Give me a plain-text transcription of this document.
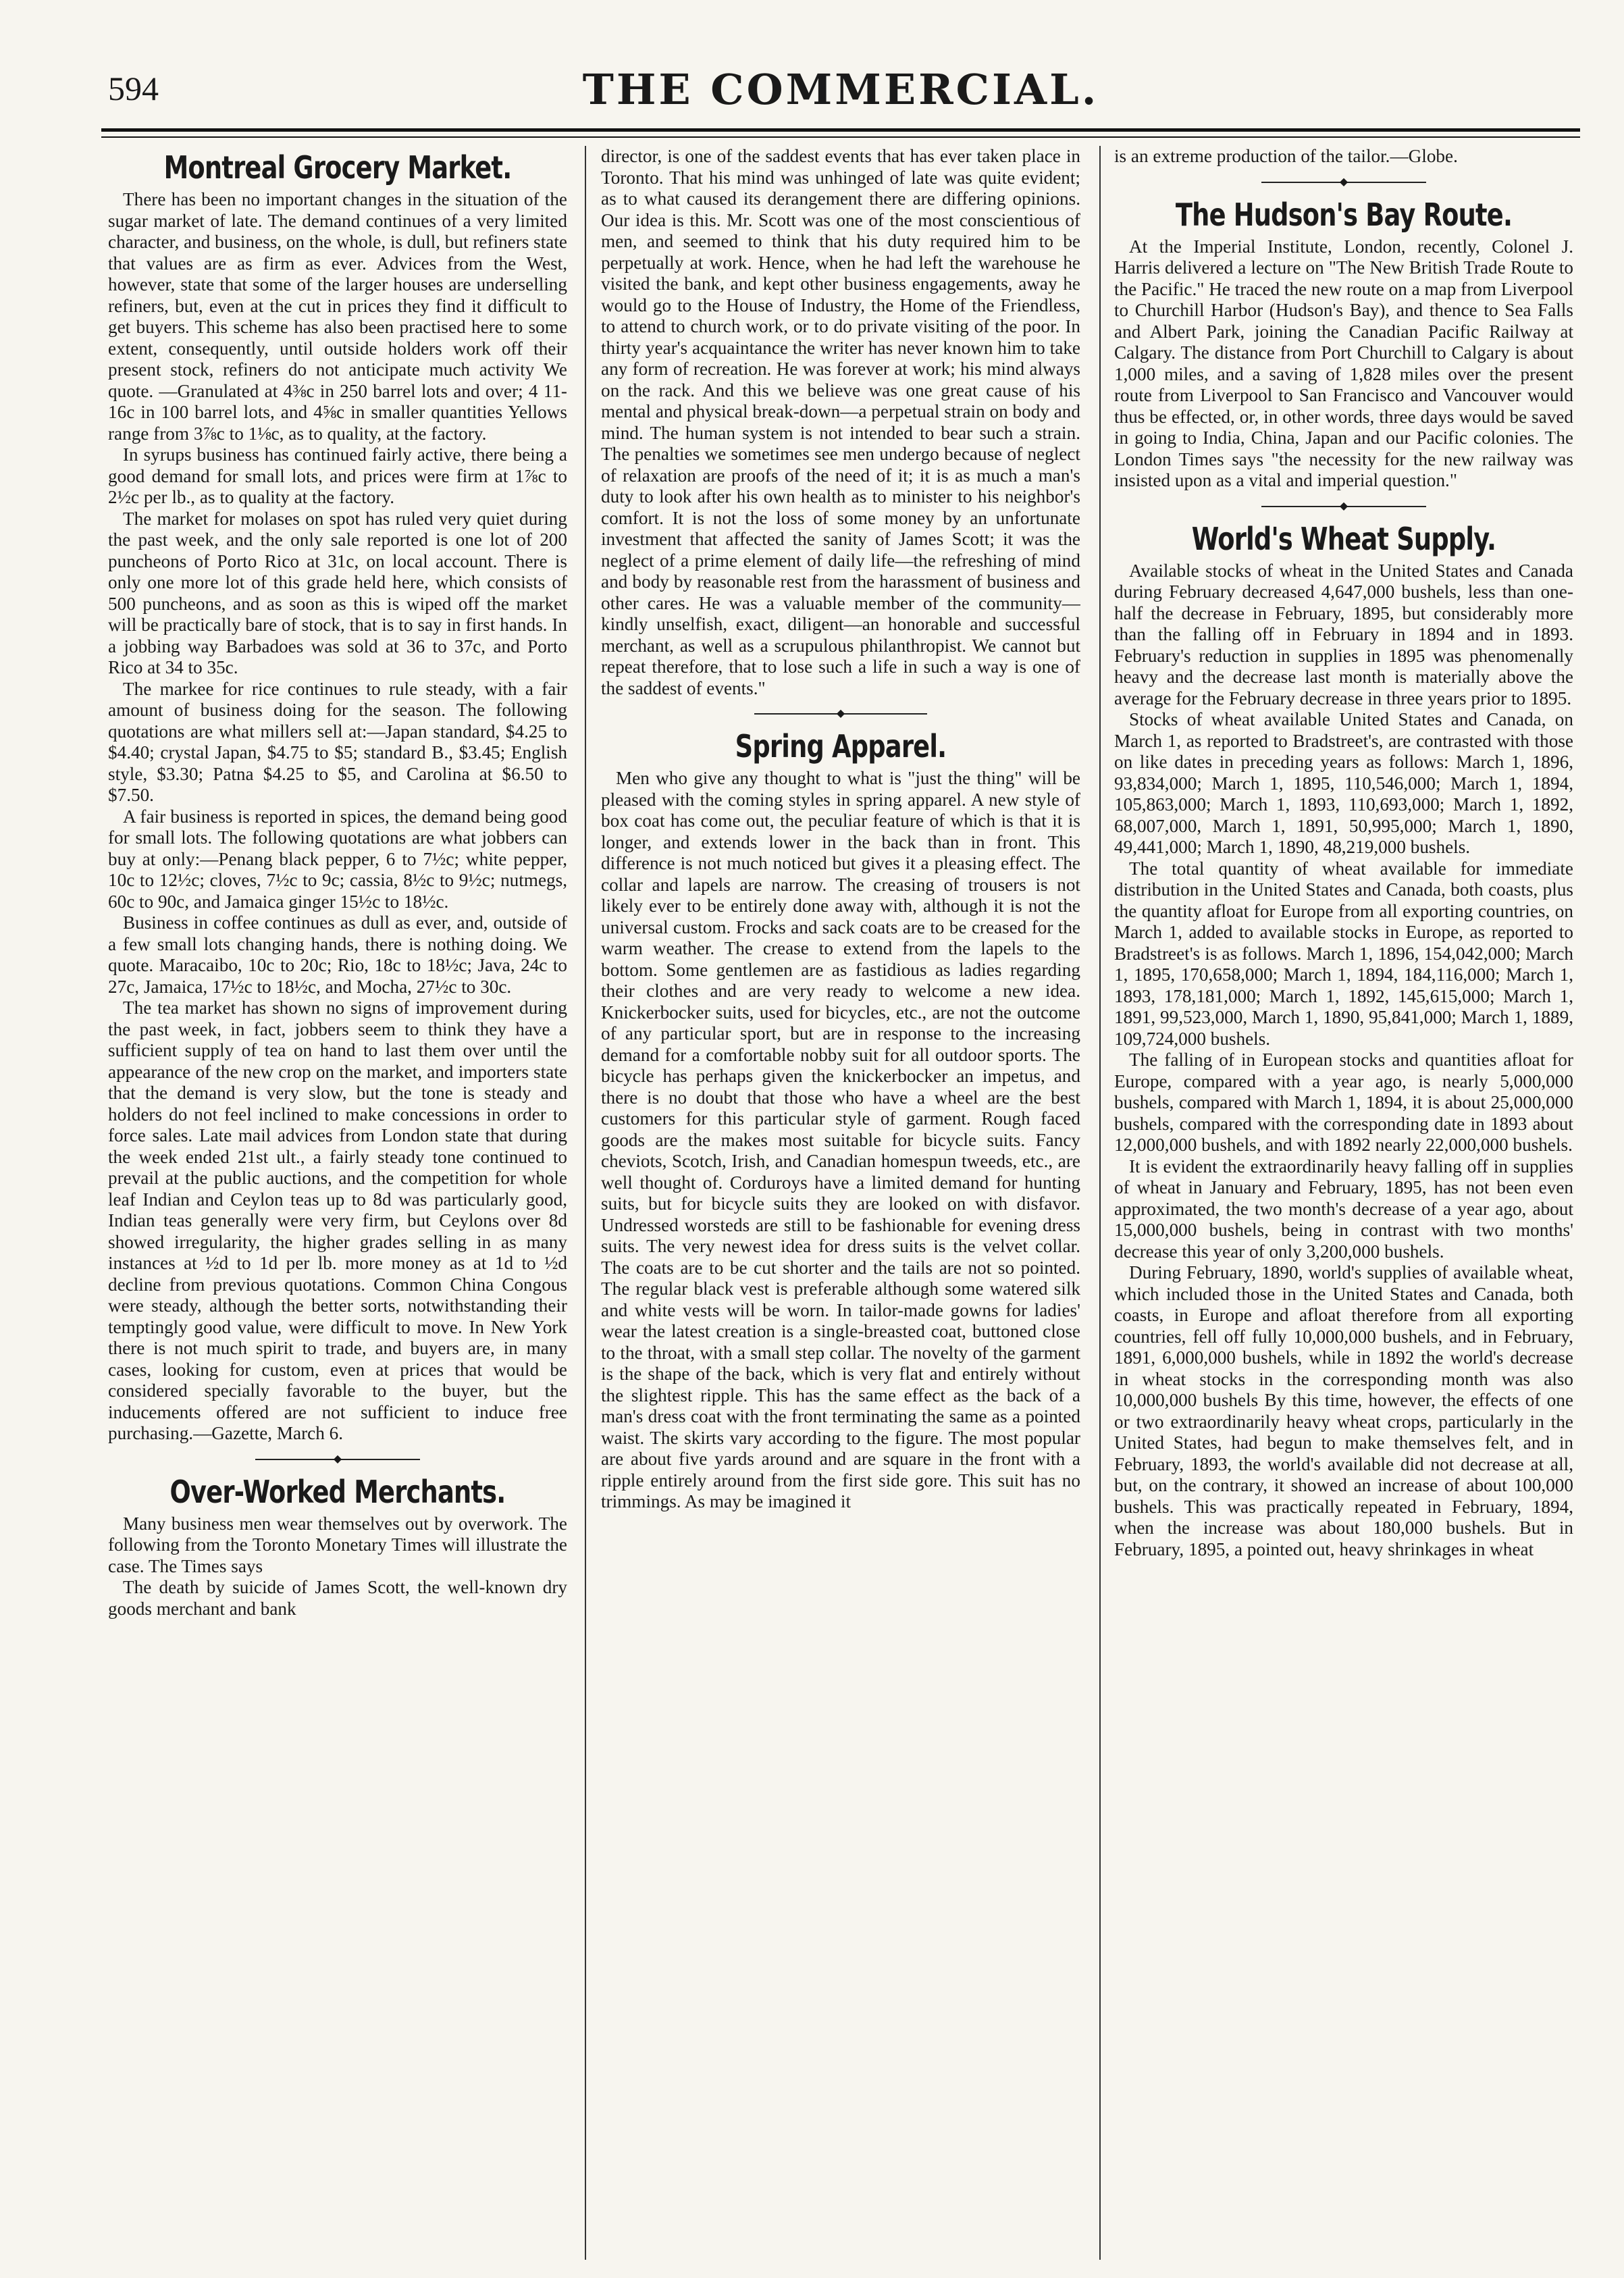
594	THE COMMERCIAL.
Montreal Grocery Market.

There has been no important changes in the situation of the sugar market of late. The demand continues of a very limited character, and business, on the whole, is dull, but refiners state that values are as firm as ever. Advices from the West, however, state that some of the larger houses are underselling refiners, but, even at the cut in prices they find it difficult to get buyers. This scheme has also been practised here to some extent, consequently, until outside holders work off their present stock, refiners do not anticipate much activity We quote. —Granulated at 4⅜c in 250 barrel lots and over; 4 11-16c in 100 barrel lots, and 4⅝c in smaller quantities Yellows range from 3⅞c to 1⅛c, as to quality, at the factory.

In syrups business has continued fairly active, there being a good demand for small lots, and prices were firm at 1⅞c to 2½c per lb., as to quality at the factory.

The market for molases on spot has ruled very quiet during the past week, and the only sale reported is one lot of 200 puncheons of Porto Rico at 31c, on local account. There is only one more lot of this grade held here, which consists of 500 puncheons, and as soon as this is wiped off the market will be practically bare of stock, that is to say in first hands. In a jobbing way Barbadoes was sold at 36 to 37c, and Porto Rico at 34 to 35c.

The markee for rice continues to rule steady, with a fair amount of business doing for the season. The following quotations are what millers sell at:—Japan standard, $4.25 to $4.40; crystal Japan, $4.75 to $5; standard B., $3.45; English style, $3.30; Patna $4.25 to $5, and Carolina at $6.50 to $7.50.

A fair business is reported in spices, the demand being good for small lots. The following quotations are what jobbers can buy at only:—Penang black pepper, 6 to 7½c; white pepper, 10c to 12½c; cloves, 7½c to 9c; cassia, 8½c to 9½c; nutmegs, 60c to 90c, and Jamaica ginger 15½c to 18½c.

Business in coffee continues as dull as ever, and, outside of a few small lots changing hands, there is nothing doing. We quote. Maracaibo, 10c to 20c; Rio, 18c to 18½c; Java, 24c to 27c, Jamaica, 17½c to 18½c, and Mocha, 27½c to 30c.

The tea market has shown no signs of improvement during the past week, in fact, jobbers seem to think they have a sufficient supply of tea on hand to last them over until the appearance of the new crop on the market, and importers state that the demand is very slow, but the tone is steady and holders do not feel inclined to make concessions in order to force sales. Late mail advices from London state that during the week ended 21st ult., a fairly steady tone continued to prevail at the public auctions, and the competition for whole leaf Indian and Ceylon teas up to 8d was particularly good, Indian teas generally were very firm, but Ceylons over 8d showed irregularity, the higher grades selling in as many instances at ½d to 1d per lb. more money as at 1d to ½d decline from previous quotations. Common China Congous were steady, although the better sorts, notwithstanding their temptingly good value, were difficult to move. In New York there is not much spirit to trade, and buyers are, in many cases, looking for custom, even at prices that would be considered specially favorable to the buyer, but the inducements offered are not sufficient to induce free purchasing.—Gazette, March 6.

◆
Over-Worked Merchants.

Many business men wear themselves out by overwork. The following from the Toronto Monetary Times will illustrate the case. The Times says

The death by suicide of James Scott, the well-known dry goods merchant and bank

director, is one of the saddest events that has ever taken place in Toronto. That his mind was unhinged of late was quite evident; as to what caused its derangement there are differing opinions. Our idea is this. Mr. Scott was one of the most conscientious of men, and seemed to think that his duty required him to be perpetually at work. Hence, when he had left the warehouse he visited the bank, and kept other business engagements, away he would go to the House of Industry, the Home of the Friendless, to attend to church work, or to do private visiting of the poor. In thirty year's acquaintance the writer has never known him to take any form of recreation. He was forever at work; his mind always on the rack. And this we believe was one great cause of his mental and physical break-down—a perpetual strain on body and mind. The human system is not intended to bear such a strain. The penalties we sometimes see men undergo because of neglect of relaxation are proofs of the need of it; it is as much a man's duty to look after his own health as to minister to his neighbor's comfort. It is not the loss of some money by an unfortunate investment that affected the sanity of James Scott; it was the neglect of a prime element of daily life—the refreshing of mind and body by reasonable rest from the harassment of business and other cares. He was a valuable member of the community—kindly unselfish, exact, diligent—an honorable and successful merchant, as well as a scrupulous philanthropist. We cannot but repeat therefore, that to lose such a life in such a way is one of the saddest of events."

◆
Spring Apparel.

Men who give any thought to what is "just the thing" will be pleased with the coming styles in spring apparel. A new style of box coat has come out, the peculiar feature of which is that it is longer, and extends lower in the back than in front. This difference is not much noticed but gives it a pleasing effect. The collar and lapels are narrow. The creasing of trousers is not likely ever to be entirely done away with, although it is not the universal custom. Frocks and sack coats are to be creased for the warm weather. The crease to extend from the lapels to the bottom. Some gentlemen are as fastidious as ladies regarding their clothes and are very ready to welcome a new idea. Knickerbocker suits, used for bicycles, etc., are not the outcome of any particular sport, but are in response to the increasing demand for a comfortable nobby suit for all outdoor sports. The bicycle has perhaps given the knickerbocker an impetus, and there is no doubt that those who have a wheel are the best customers for this particular style of garment. Rough faced goods are the makes most suitable for bicycle suits. Fancy cheviots, Scotch, Irish, and Canadian homespun tweeds, etc., are well thought of. Corduroys have a limited demand for hunting suits, but for bicycle suits they are looked on with disfavor. Undressed worsteds are still to be fashionable for evening dress suits. The very newest idea for dress suits is the velvet collar. The coats are to be cut shorter and the tails are not so pointed. The regular black vest is preferable although some watered silk and white vests will be worn. In tailor-made gowns for ladies' wear the latest creation is a single-breasted coat, buttoned close to the throat, with a small step collar. The novelty of the garment is the shape of the back, which is very flat and entirely without the slightest ripple. This has the same effect as the back of a man's dress coat with the front terminating the same as a pointed waist. The skirts vary according to the figure. The most popular are about five yards around and are square in the front with a ripple entirely around from the first side gore. This suit has no trimmings. As may be imagined it

is an extreme production of the tailor.—Globe.

◆
The Hudson's Bay Route.

At the Imperial Institute, London, recently, Colonel J. Harris delivered a lecture on "The New British Trade Route to the Pacific." He traced the new route on a map from Liverpool to Churchill Harbor (Hudson's Bay), and thence to Sea Falls and Albert Park, joining the Canadian Pacific Railway at Calgary. The distance from Port Churchill to Calgary is about 1,000 miles, and a saving of 1,828 miles over the present route from Liverpool to San Francisco and Vancouver would thus be effected, or, in other words, three days would be saved in going to India, China, Japan and our Pacific colonies. The London Times says "the necessity for the new railway was insisted upon as a vital and imperial question."

◆
World's Wheat Supply.

Available stocks of wheat in the United States and Canada during February decreased 4,647,000 bushels, less than one-half the decrease in February, 1895, but considerably more than the falling off in February in 1894 and in 1893. February's reduction in supplies in 1895 was phenomenally heavy and the decrease last month is materially above the average for the February decrease in three years prior to 1895.

Stocks of wheat available United States and Canada, on March 1, as reported to Bradstreet's, are contrasted with those on like dates in preceding years as follows: March 1, 1896, 93,834,000; March 1, 1895, 110,546,000; March 1, 1894, 105,863,000; March 1, 1893, 110,693,000; March 1, 1892, 68,007,000, March 1, 1891, 50,995,000; March 1, 1890, 49,441,000; March 1, 1890, 48,219,000 bushels.

The total quantity of wheat available for immediate distribution in the United States and Canada, both coasts, plus the quantity afloat for Europe from all exporting countries, on March 1, added to available stocks in Europe, as reported to Bradstreet's is as follows. March 1, 1896, 154,042,000; March 1, 1895, 170,658,000; March 1, 1894, 184,116,000; March 1, 1893, 178,181,000; March 1, 1892, 145,615,000; March 1, 1891, 99,523,000, March 1, 1890, 95,841,000; March 1, 1889, 109,724,000 bushels.

The falling of in European stocks and quantities afloat for Europe, compared with a year ago, is nearly 5,000,000 bushels, compared with March 1, 1894, it is about 25,000,000 bushels, compared with the corresponding date in 1893 about 12,000,000 bushels, and with 1892 nearly 22,000,000 bushels.

It is evident the extraordinarily heavy falling off in supplies of wheat in January and February, 1895, has not been even approximated, the two month's decrease of a year ago, about 15,000,000 bushels, being in contrast with two months' decrease this year of only 3,200,000 bushels.

During February, 1890, world's supplies of available wheat, which included those in the United States and Canada, both coasts, in Europe and afloat therefore from all exporting countries, fell off fully 10,000,000 bushels, and in February, 1891, 6,000,000 bushels, while in 1892 the world's decrease in wheat stocks in the corresponding month was also 10,000,000 bushels By this time, however, the effects of one or two extraordinarily heavy wheat crops, particularly in the United States, had begun to make themselves felt, and in February, 1893, the world's available did not decrease at all, but, on the contrary, it showed an increase of about 100,000 bushels. This was practically repeated in February, 1894, when the increase was about 180,000 bushels. But in February, 1895, a pointed out, heavy shrinkages in wheat
